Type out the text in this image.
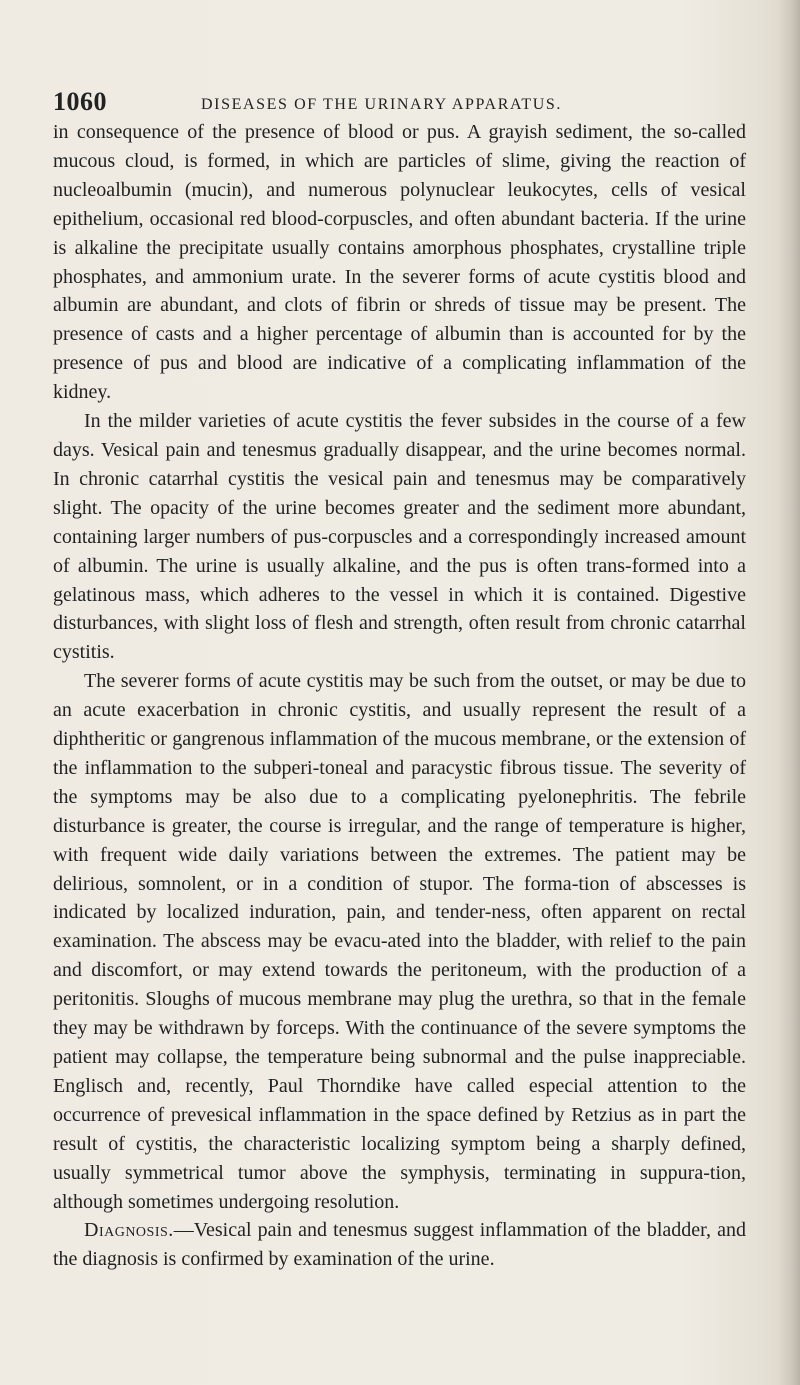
1060	DISEASES OF THE URINARY APPARATUS.

in consequence of the presence of blood or pus. A grayish sediment, the so-called mucous cloud, is formed, in which are particles of slime, giving the reaction of nucleoalbumin (mucin), and numerous polynuclear leukocytes, cells of vesical epithelium, occasional red blood-corpuscles, and often abundant bacteria. If the urine is alkaline the precipitate usually contains amorphous phosphates, crystalline triple phosphates, and ammonium urate. In the severer forms of acute cystitis blood and albumin are abundant, and clots of fibrin or shreds of tissue may be present. The presence of casts and a higher percentage of albumin than is accounted for by the presence of pus and blood are indicative of a complicating inflammation of the kidney.

In the milder varieties of acute cystitis the fever subsides in the course of a few days. Vesical pain and tenesmus gradually disappear, and the urine becomes normal. In chronic catarrhal cystitis the vesical pain and tenesmus may be comparatively slight. The opacity of the urine becomes greater and the sediment more abundant, containing larger numbers of pus-corpuscles and a correspondingly increased amount of albumin. The urine is usually alkaline, and the pus is often trans-formed into a gelatinous mass, which adheres to the vessel in which it is contained. Digestive disturbances, with slight loss of flesh and strength, often result from chronic catarrhal cystitis.

The severer forms of acute cystitis may be such from the outset, or may be due to an acute exacerbation in chronic cystitis, and usually represent the result of a diphtheritic or gangrenous inflammation of the mucous membrane, or the extension of the inflammation to the subperi-toneal and paracystic fibrous tissue. The severity of the symptoms may be also due to a complicating pyelonephritis. The febrile disturbance is greater, the course is irregular, and the range of temperature is higher, with frequent wide daily variations between the extremes. The patient may be delirious, somnolent, or in a condition of stupor. The forma-tion of abscesses is indicated by localized induration, pain, and tender-ness, often apparent on rectal examination. The abscess may be evacu-ated into the bladder, with relief to the pain and discomfort, or may extend towards the peritoneum, with the production of a peritonitis. Sloughs of mucous membrane may plug the urethra, so that in the female they may be withdrawn by forceps. With the continuance of the severe symptoms the patient may collapse, the temperature being subnormal and the pulse inappreciable. Englisch and, recently, Paul Thorndike have called especial attention to the occurrence of prevesical inflammation in the space defined by Retzius as in part the result of cystitis, the characteristic localizing symptom being a sharply defined, usually symmetrical tumor above the symphysis, terminating in suppura-tion, although sometimes undergoing resolution.

Diagnosis.—Vesical pain and tenesmus suggest inflammation of the bladder, and the diagnosis is confirmed by examination of the urine.
